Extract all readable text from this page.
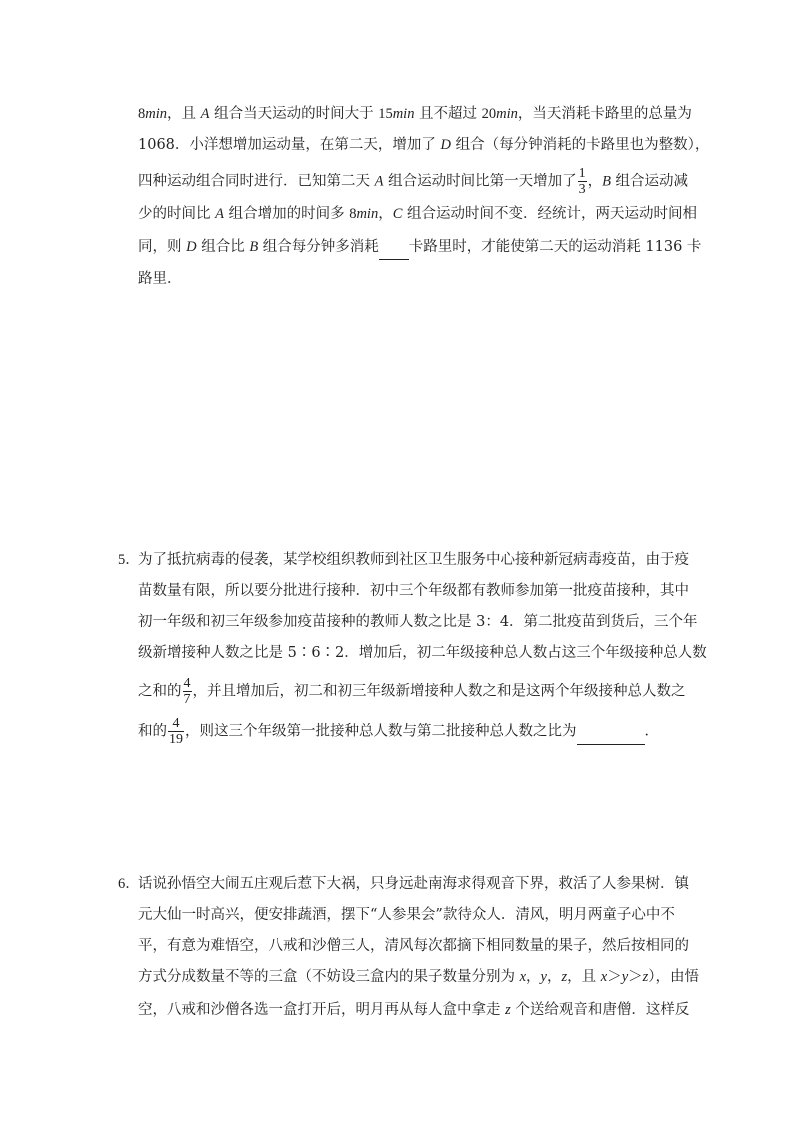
8min，且 A 组合当天运动的时间大于 15min 且不超过 20min，当天消耗卡路里的总量为
1068．小洋想增加运动量，在第二天，增加了 D 组合（每分钟消耗的卡路里也为整数），
四种运动组合同时进行．已知第二天 A 组合运动时间比第一天增加了 $\frac{1}{3}$ ，B 组合运动减
少的时间比 A 组合增加的时间多 8min，C 组合运动时间不变．经统计，两天运动时间相
同，则 D 组合比 B 组合每分钟多消耗 卡路里时，才能使第二天的运动消耗 1136 卡
路里．
5．
为了抵抗病毒的侵袭，某学校组织教师到社区卫生服务中心接种新冠病毒疫苗，由于疫
苗数量有限，所以要分批进行接种．初中三个年级都有教师参加第一批疫苗接种，其中
初一年级和初三年级参加疫苗接种的教师人数之比是 3：4．第二批疫苗到货后，三个年
级新增接种人数之比是 5∶6∶2．增加后，初二年级接种总人数占这三个年级接种总人数
之和的 $\frac{4}{7}$ ，并且增加后，初二和初三年级新增接种人数之和是这两个年级接种总人数之
和的 $\frac{4}{19}$ ，则这三个年级第一批接种总人数与第二批接种总人数之比为	．
6．
话说孙悟空大闹五庄观后惹下大祸，只身远赴南海求得观音下界，救活了人参果树．镇
元大仙一时高兴，便安排蔬酒，摆下“人参果会”款待众人．清风，明月两童子心中不
平，有意为难悟空，八戒和沙僧三人，清风每次都摘下相同数量的果子，然后按相同的
方式分成数量不等的三盒（不妨设三盒内的果子数量分别为 x，y，z，且 x＞y＞z），由悟
空，八戒和沙僧各选一盒打开后，明月再从每人盒中拿走 z 个送给观音和唐僧．这样反
